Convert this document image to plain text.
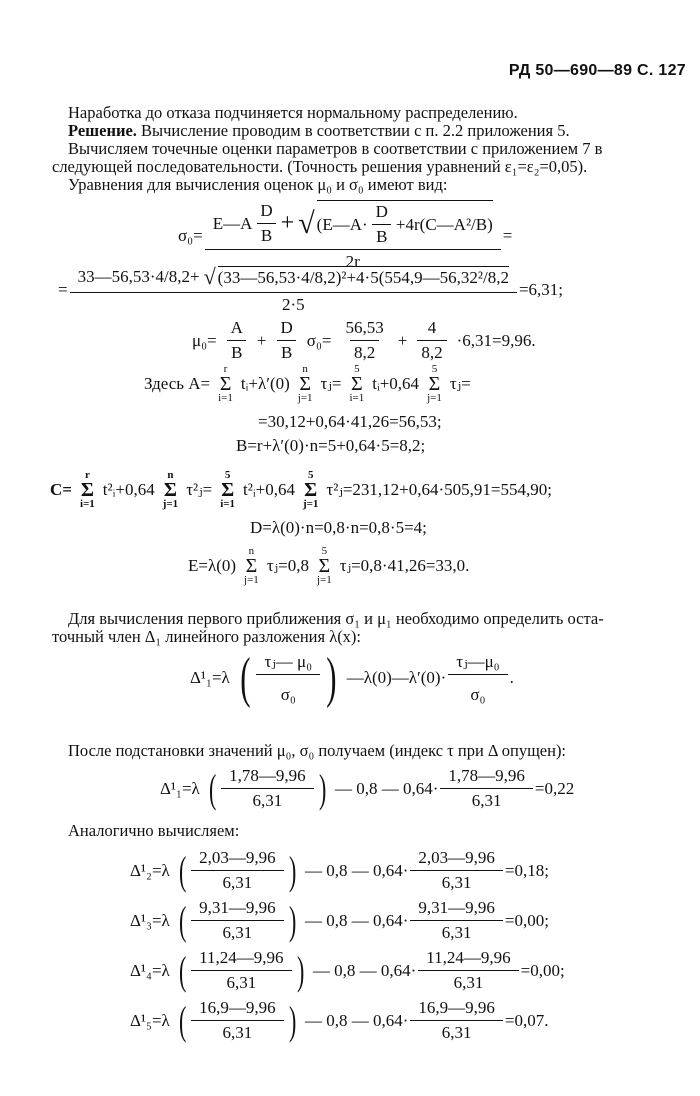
РД 50—690—89 С. 127
Наработка до отказа подчиняется нормальному распределению.
Решение. Вычисление проводим в соответствии с п. 2.2 приложения 5.
Вычисляем точечные оценки параметров в соответствии с приложением 7 в
следующей последовательности. (Точность решения уравнений ε₁=ε₂=0,05).
Уравнения для вычисления оценок μ₀ и σ₀ имеют вид:
σ₀=
E—A $\frac{D}{B}$ + √ (E—A· $\frac{D}{B}$ +4r(C—A²/B)
2r
=
=
33—56,53·4/8,2+ √ (33—56,53·4/8,2)²+4·5(554,9—56,32²/8,2
2·5
=6,31;
$\mu_0= \frac{A}{B} + \frac{D}{B} \sigma_0= \frac{56,53}{8,2} + \frac{4}{8,2} \cdot 6,31=9,96$.
Здесь A=
r
Σ
i=1
tᵢ+λ′(0)
n
Σ
j=1
τⱼ=
5
Σ
i=1
tᵢ+0,64
5
Σ
j=1
τⱼ=
=30,12+0,64·41,26=56,53;
B=r+λ′(0)·n=5+0,64·5=8,2;
C=
r
Σ
i=1
t²ᵢ+0,64
n
Σ
j=1
τ²ⱼ=
5
Σ
i=1
t²ᵢ+0,64
5
Σ
j=1
τ²ⱼ=231,12+0,64·505,91=554,90;
D=λ(0)·n=0,8·n=0,8·5=4;
E=λ(0)
n
Σ
j=1
τⱼ=0,8
5
Σ
j=1
τⱼ=0,8·41,26=33,0.
Для вычисления первого приближения σ₁ и μ₁ необходимо определить оста-
точный член Δ₁ линейного разложения λ(x):
Δ¹₁=λ ( $\frac{\text{τⱼ— μ₀}}{\text{σ₀}}$ ) —λ(0)—λ′(0)· $\frac{\text{τⱼ—μ₀}}{\text{σ₀}}$ .
После подстановки значений μ₀, σ₀ получаем (индекс τ при Δ опущен):
Δ¹₁=λ ( $\frac{1,78—9,96}{6,31}$ ) — 0,8 — $0,64\cdot \frac{1,78—9,96}{6,31} =0,22$
Аналогично вычисляем:
Δ¹₂=λ ( $\frac{2,03—9,96}{6,31}$ ) — 0,8 — $0,64\cdot \frac{2,03—9,96}{6,31} =0,18$;
Δ¹₃=λ ( $\frac{9,31—9,96}{6,31}$ ) — 0,8 — $0,64\cdot \frac{9,31—9,96}{6,31} =0,00$;
Δ¹₄=λ ( $\frac{11,24—9,96}{6,31}$ ) — 0,8 — $0,64\cdot \frac{11,24—9,96}{6,31} =0,00$;
Δ¹₅=λ ( $\frac{16,9—9,96}{6,31}$ ) — 0,8 — $0,64\cdot \frac{16,9—9,96}{6,31} =0,07$.
